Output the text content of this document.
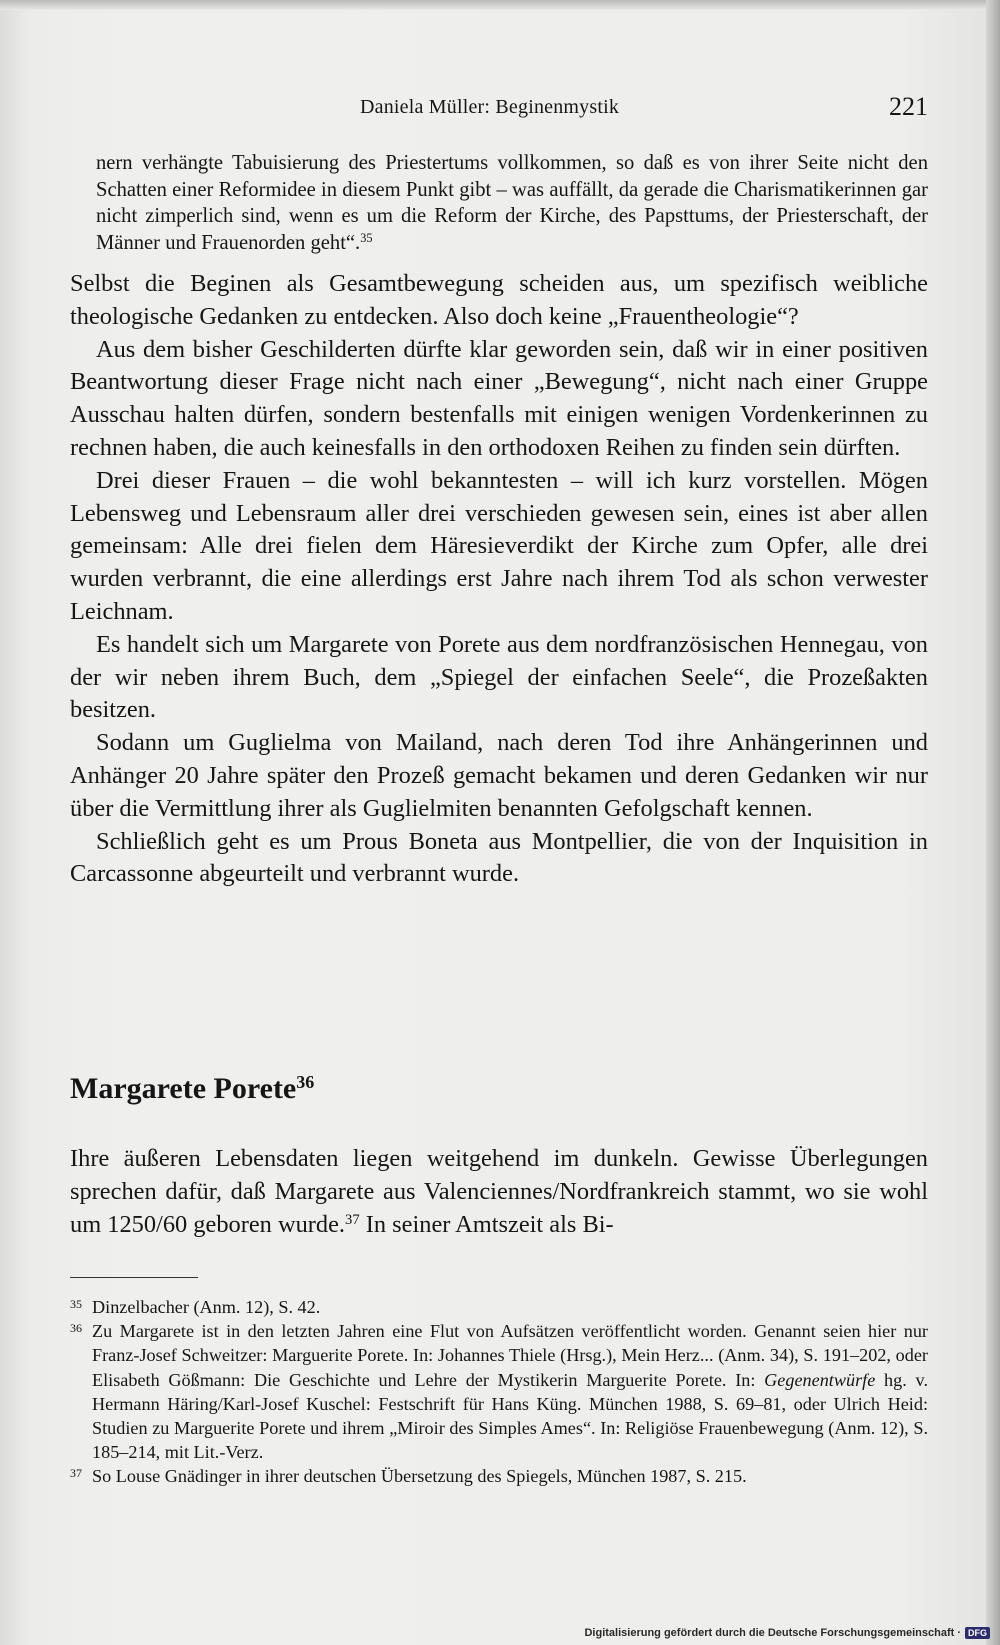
Daniela Müller: Beginenmystik	221

nern verhängte Tabuisierung des Priestertums vollkommen, so daß es von ihrer Seite nicht den Schatten einer Reformidee in diesem Punkt gibt – was auffällt, da gerade die Charismatikerinnen gar nicht zimperlich sind, wenn es um die Reform der Kirche, des Papsttums, der Priesterschaft, der Männer und Frauenorden geht“.$^{35}$

Selbst die Beginen als Gesamtbewegung scheiden aus, um spezifisch weibliche theologische Gedanken zu entdecken. Also doch keine „Frauentheologie“?

Aus dem bisher Geschilderten dürfte klar geworden sein, daß wir in einer positiven Beantwortung dieser Frage nicht nach einer „Bewegung“, nicht nach einer Gruppe Ausschau halten dürfen, sondern bestenfalls mit einigen wenigen Vordenkerinnen zu rechnen haben, die auch keinesfalls in den orthodoxen Reihen zu finden sein dürften.

Drei dieser Frauen – die wohl bekanntesten – will ich kurz vorstellen. Mögen Lebensweg und Lebensraum aller drei verschieden gewesen sein, eines ist aber allen gemeinsam: Alle drei fielen dem Häresieverdikt der Kirche zum Opfer, alle drei wurden verbrannt, die eine allerdings erst Jahre nach ihrem Tod als schon verwester Leichnam.

Es handelt sich um Margarete von Porete aus dem nordfranzösischen Hennegau, von der wir neben ihrem Buch, dem „Spiegel der einfachen Seele“, die Prozeßakten besitzen.

Sodann um Guglielma von Mailand, nach deren Tod ihre Anhängerinnen und Anhänger 20 Jahre später den Prozeß gemacht bekamen und deren Gedanken wir nur über die Vermittlung ihrer als Guglielmiten benannten Gefolgschaft kennen.

Schließlich geht es um Prous Boneta aus Montpellier, die von der Inquisition in Carcassonne abgeurteilt und verbrannt wurde.

Margarete Porete$^{36}$

Ihre äußeren Lebensdaten liegen weitgehend im dunkeln. Gewisse Überlegungen sprechen dafür, daß Margarete aus Valenciennes/Nordfrankreich stammt, wo sie wohl um 1250/60 geboren wurde.$^{37}$ In seiner Amtszeit als Bi-

35 Dinzelbacher (Anm. 12), S. 42.
36 Zu Margarete ist in den letzten Jahren eine Flut von Aufsätzen veröffentlicht worden. Genannt seien hier nur Franz-Josef Schweitzer: Marguerite Porete. In: Johannes Thiele (Hrsg.), Mein Herz... (Anm. 34), S. 191–202, oder Elisabeth Gößmann: Die Geschichte und Lehre der Mystikerin Marguerite Porete. In: Gegenentwürfe hg. v. Hermann Häring/Karl-Josef Kuschel: Festschrift für Hans Küng. München 1988, S. 69–81, oder Ulrich Heid: Studien zu Marguerite Porete und ihrem „Miroir des Simples Ames“. In: Religiöse Frauenbewegung (Anm. 12), S. 185–214, mit Lit.-Verz.
37 So Louse Gnädinger in ihrer deutschen Übersetzung des Spiegels, München 1987, S. 215.
Digitalisierung gefördert durch die Deutsche Forschungsgemeinschaft · DFG
